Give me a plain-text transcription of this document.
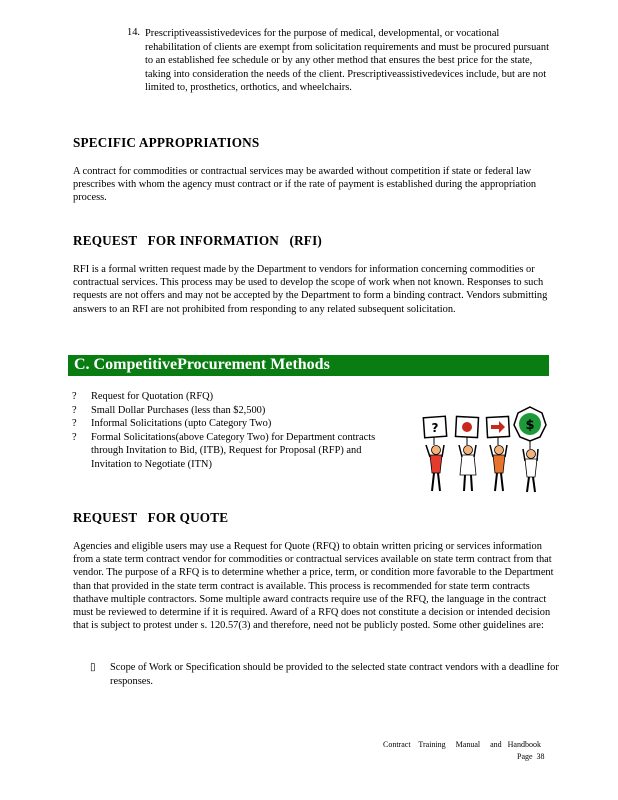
14. Prescriptiveassistivedevices for the purpose of medical, developmental, or vocational rehabilitation of clients are exempt from solicitation requirements and must be procured pursuant to an established fee schedule or by any other method that ensures the best price for the state, taking into consideration the needs of the client. Prescriptiveassistivedevices include, but are not limited to, prosthetics, orthotics, and wheelchairs.
SPECIFIC APPROPRIATIONS
A contract for commodities or contractual services may be awarded without competition if state or federal law prescribes with whom the agency must contract or if the rate of payment is established during the appropriation process.
REQUEST   FOR INFORMATION   (RFI)
RFI is a formal written request made by the Department to vendors for information concerning commodities or contractual services. This process may be used to develop the scope of work when not known. Responses to such requests are not offers and may not be accepted by the Department to form a binding contract. Vendors submitting answers to an RFI are not prohibited from responding to any related subsequent solicitation.
C. CompetitiveProcurement Methods
?	Request for Quotation (RFQ)
?	Small Dollar Purchases (less than $2,500)
?	Informal Solicitations (upto Category Two)
?	Formal Solicitations(above Category Two) for Department contracts through Invitation to Bid, (ITB), Request for Proposal (RFP) and Invitation to Negotiate (ITN)
?	$
REQUEST   FOR QUOTE
Agencies and eligible users may use a Request for Quote (RFQ) to obtain written pricing or services information from a state term contract vendor for commodities or contractual services available on state term contract from that vendor. The purpose of a RFQ is to determine whether a price, term, or condition more favorable to the Department than that provided in the state term contract is available. This process is recommended for state term contracts thathave multiple contractors. Some multiple award contracts require use of the RFQ, the language in the contract must be reviewed to determine if it is required. Award of a RFQ does not constitute a decision or intended decision that is subject to protest under s. 120.57(3) and therefore, need not be publicly posted. Some other guidelines are:
▯	Scope of Work or Specification should be provided to the selected state contract vendors with a deadline for responses.
Contract    Training     Manual     and   Handbook
Page  38
